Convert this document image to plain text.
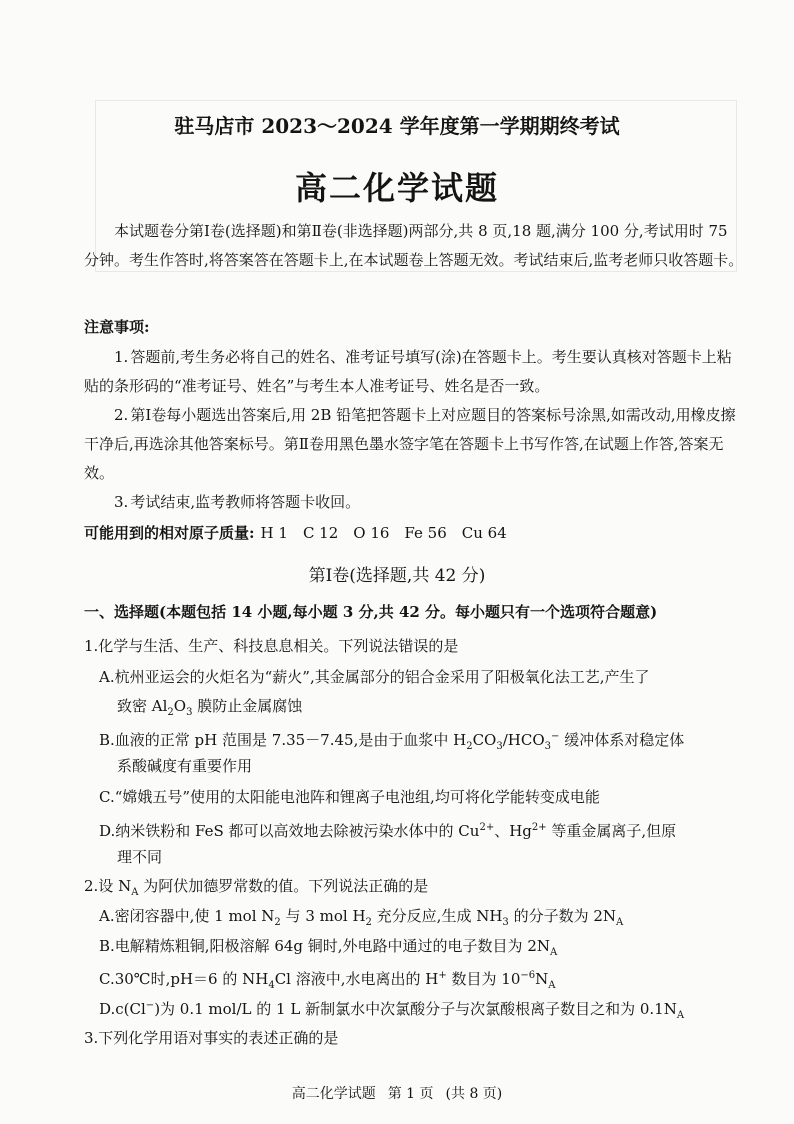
驻马店市 2023～2024 学年度第一学期期终考试
高二化学试题
本试题卷分第Ⅰ卷(选择题)和第Ⅱ卷(非选择题)两部分,共 8 页,18 题,满分 100 分,考试用时 75 分钟。考生作答时,将答案答在答题卡上,在本试题卷上答题无效。考试结束后,监考老师只收答题卡。
注意事项:
1. 答题前,考生务必将自己的姓名、准考证号填写(涂)在答题卡上。考生要认真核对答题卡上粘贴的条形码的“准考证号、姓名”与考生本人准考证号、姓名是否一致。
2. 第Ⅰ卷每小题选出答案后,用 2B 铅笔把答题卡上对应题目的答案标号涂黑,如需改动,用橡皮擦干净后,再选涂其他答案标号。第Ⅱ卷用黑色墨水签字笔在答题卡上书写作答,在试题上作答,答案无效。
3. 考试结束,监考教师将答题卡收回。
可能用到的相对原子质量: H 1　C 12　O 16　Fe 56　Cu 64
第Ⅰ卷(选择题,共 42 分)
一、选择题(本题包括 14 小题,每小题 3 分,共 42 分。每小题只有一个选项符合题意)
1.化学与生活、生产、科技息息相关。下列说法错误的是
A.杭州亚运会的火炬名为“薪火”,其金属部分的铝合金采用了阳极氧化法工艺,产生了
致密 $Al_2O_3$ 膜防止金属腐蚀
B.血液的正常 pH 范围是 7.35－7.45,是由于血浆中 $H_2CO_3/HCO_3^-$ 缓冲体系对稳定体
系酸碱度有重要作用
C.“嫦娥五号”使用的太阳能电池阵和锂离子电池组,均可将化学能转变成电能
D.纳米铁粉和 FeS 都可以高效地去除被污染水体中的 $Cu^{2+}$、$Hg^{2+}$ 等重金属离子,但原
理不同
2.设 $N_A$ 为阿伏加德罗常数的值。下列说法正确的是
A.密闭容器中,使 1 mol $N_2$ 与 3 mol $H_2$ 充分反应,生成 $NH_3$ 的分子数为 $2N_A$
B.电解精炼粗铜,阳极溶解 64g 铜时,外电路中通过的电子数目为 $2N_A$
C.30℃时,pH＝6 的 $NH_4Cl$ 溶液中,水电离出的 H+ 数目为 $10^{-6}N_A$
D.c(Cl−)为 0.1 mol/L 的 1 L 新制氯水中次氯酸分子与次氯酸根离子数目之和为 $0.1N_A$
3.下列化学用语对事实的表述正确的是
高二化学试题 第 1 页 (共 8 页)
